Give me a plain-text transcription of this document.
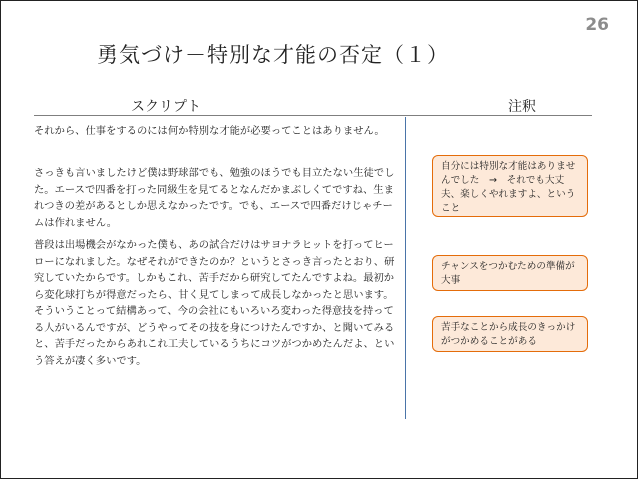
26
勇気づけ－特別な才能の否定（１）
スクリプト	注釈

それから、仕事をするのには何か特別な才能が必要ってことはありません。

さっきも言いましたけど僕は野球部でも、勉強のほうでも目立たない生徒でした。エースで四番を打った同級生を見てるとなんだかまぶしくてですね、生まれつきの差があるとしか思えなかったです。でも、エースで四番だけじゃチームは作れません。

普段は出場機会がなかった僕も、あの試合だけはサヨナラヒットを打ってヒーローになれました。なぜそれができたのか？というとさっき言ったとおり、研究していたからです。しかもこれ、苦手だから研究してたんですよね。最初から変化球打ちが得意だったら、甘く見てしまって成長しなかったと思います。そういうことって結構あって、今の会社にもいろいろ変わった得意技を持ってる人がいるんですが、どうやってその技を身につけたんですか、と聞いてみると、苦手だったからあれこれ工夫しているうちにコツがつかめたんだよ、という答えが凄く多いです。

自分には特別な才能はありませんでした　→　それでも大丈夫、楽しくやれますよ、ということ
チャンスをつかむための準備が大事
苦手なことから成長のきっかけがつかめることがある
